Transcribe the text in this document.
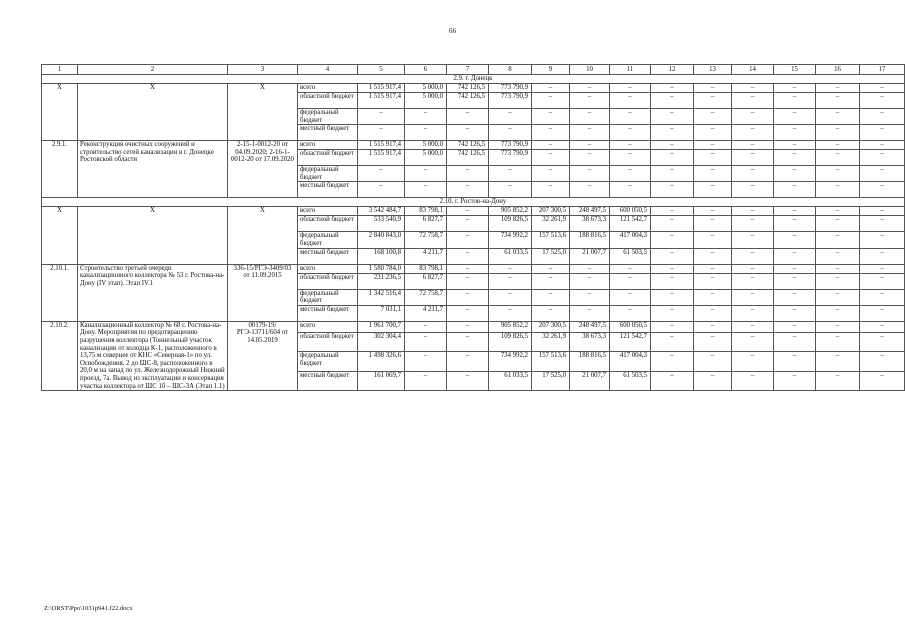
66
1	2	3	4	5	6	7	8	9	10	11	12	13	14	15	16	17
2.9. г. Донецк																
X	X	X	всего	1 515 917,4	5 000,0	742 126,5	773 790,9	–	–	–	–	–	–	–	–	–
			областной бюджет	1 515 917,4	5 000,0	742 126,5	773 790,9	–	–	–	–	–	–	–	–	–
			федеральный бюджет	–	–	–	–	–	–	–	–	–	–	–	–	–
			местный бюджет	–	–	–	–	–	–	–	–	–	–	–	–	–
2.9.1.	Реконструкция очистных сооружений и строительство сетей канализации в г. Донецке Ростовской области	2-15-1-0012-20 от 04.09.2020; 2-16-1-0012-20 от 17.09.2020	всего	1 515 917,4	5 000,0	742 126,5	773 790,9	–	–	–	–	–	–	–	–	–
			областной бюджет	1 515 917,4	5 000,0	742 126,5	773 790,9	–	–	–	–	–	–	–	–	–
			федеральный бюджет	–	–	–	–	–	–	–	–	–	–	–	–	–
			местный бюджет	–	–	–	–	–	–	–	–	–	–	–	–	–
2.10. г. Ростов-на-Дону																
X	X	X	всего	3 542 484,7	83 798,1	–	905 852,2	207 300,5	248 497,5	600 050,5	–	–	–	–	–	–
			областной бюджет	533 540,9	6 827,7	–	109 826,5	32 261,9	38 673,3	121 542,7	–	–	–	–	–	–
			федеральный бюджет	2 840 843,0	72 758,7	–	734 992,2	157 513,6	188 816,5	417 004,3	–	–	–	–	–	–
			местный бюджет	168 100,8	4 211,7	–	61 033,5	17 525,0	21 007,7	61 503,5	–	–	–	–	–	–
2.10.1.	Строительство третьей очереди канализационного коллектора № 53 г. Ростова-на-Дону (IV этап). Этап IV.1	336-15/РГЭ-3409/03 от 11.09.2015	всего	1 580 784,0	83 798,1	–	–	–	–	–	–	–	–	–	–	–
			областной бюджет	231 236,5	6 827,7	–	–	–	–	–	–	–	–	–	–	–
			федеральный бюджет	1 342 516,4	72 758,7	–	–	–	–	–	–	–	–	–	–	–
			местный бюджет	7 031,1	4 211,7	–	–	–	–	–	–	–	–	–	–	–
2.10.2.	Канализационный коллектор № 68 г. Ростова-на-Дону. Мероприятия по предотвращению разрушения коллектора (Тоннельный участок канализации от колодца К-1, расположенного в 13,75 м севернее от КНС «Северная-1» по ул. Освобождения, 2 до ШС-8, расположенного в 20,0 м на запад по ул. Железнодорожный Нижний проезд, 7а. Вывод из эксплуатации и консервация участка коллектора от ШС 1б – ШС-3А (Этап 1.1)	00179-19/РГЭ-13711/604 от 14.05.2019	всего	1 961 700,7	–	–	905 852,2	207 300,5	248 497,5	600 050,5	–	–	–	–	–	–
			областной бюджет	302 304,4	–	–	109 826,5	32 261,9	38 673,3	121 542,7	–	–	–	–	–	–
			федеральный бюджет	1 498 326,6	–	–	734 992,2	157 513,6	188 816,5	417 004,3	–	–	–	–	–	–
			местный бюджет	161 069,7	–	–	61 033,5	17 525,0	21 007,7	61 503,5	–	–	–	–	–	–
Z:\ORST\Ppo\1031p941.f22.docx
